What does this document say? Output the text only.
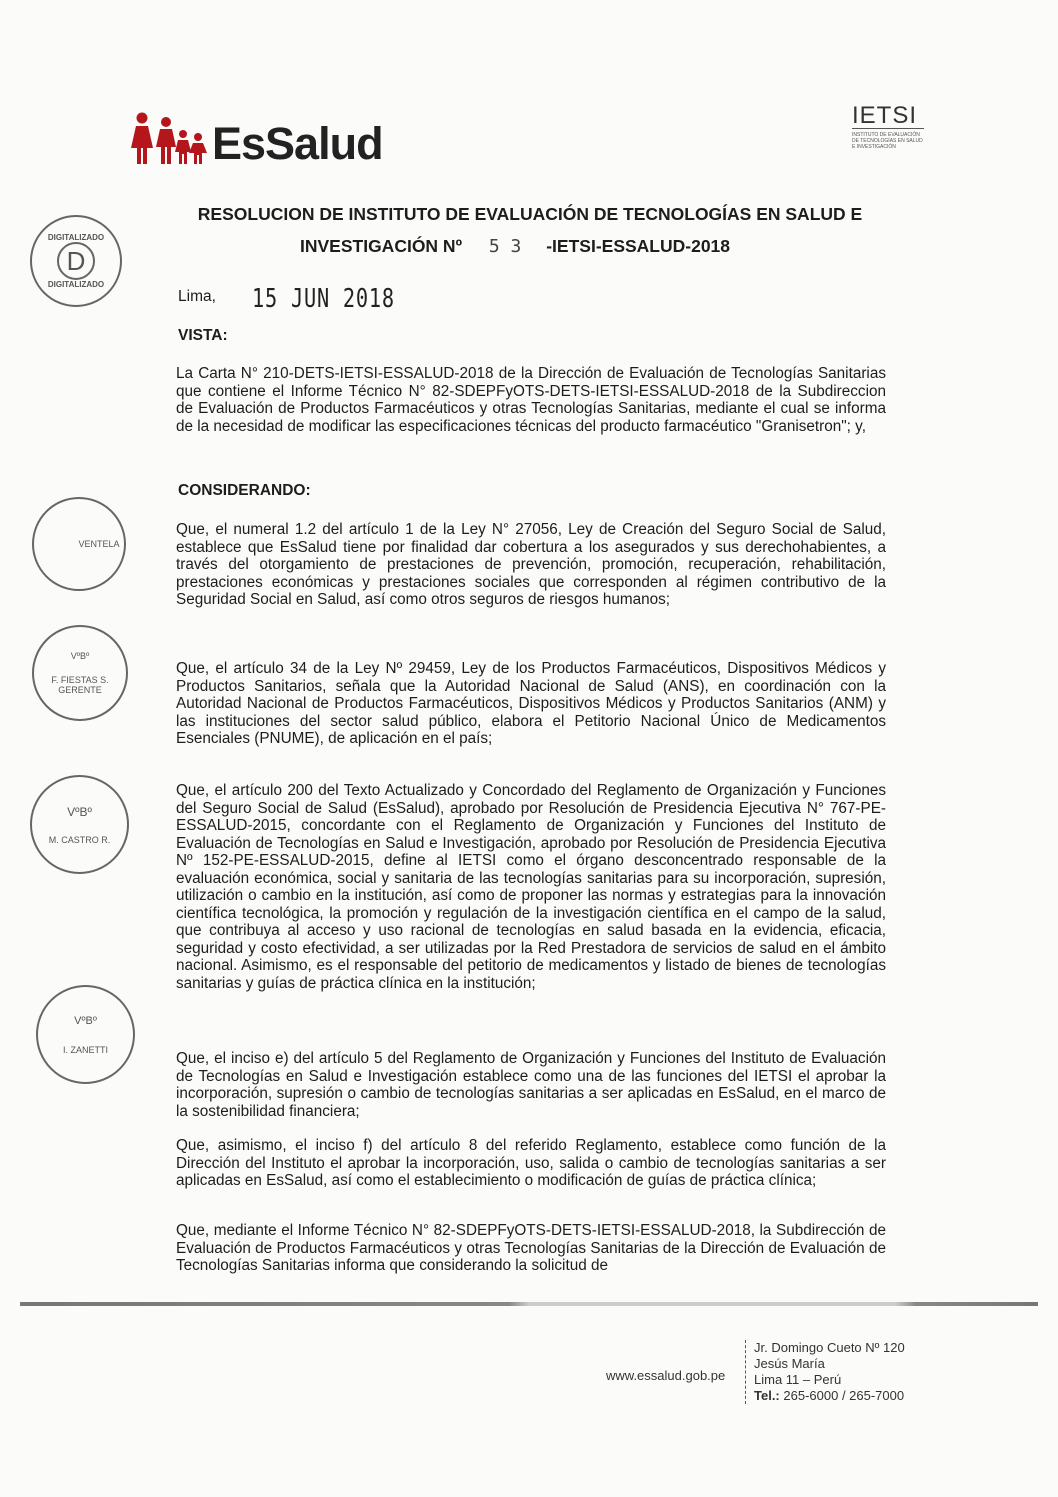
EsSalud
IETSI
INSTITUTO DE EVALUACIÓN DE TECNOLOGÍAS EN SALUD E INVESTIGACIÓN
RESOLUCION DE INSTITUTO DE EVALUACIÓN DE TECNOLOGÍAS EN SALUD E
INVESTIGACIÓN Nº 5 3 -IETSI-ESSALUD-2018
Lima, 15 JUN 2018
VISTA:
La Carta N° 210-DETS-IETSI-ESSALUD-2018 de la Dirección de Evaluación de Tecnologías Sanitarias que contiene el Informe Técnico N° 82-SDEPFyOTS-DETS-IETSI-ESSALUD-2018 de la Subdireccion de Evaluación de Productos Farmacéuticos y otras Tecnologías Sanitarias, mediante el cual se informa de la necesidad de modificar las especificaciones técnicas del producto farmacéutico "Granisetron"; y,
CONSIDERANDO:
Que, el numeral 1.2 del artículo 1 de la Ley N° 27056, Ley de Creación del Seguro Social de Salud, establece que EsSalud tiene por finalidad dar cobertura a los asegurados y sus derechohabientes, a través del otorgamiento de prestaciones de prevención, promoción, recuperación, rehabilitación, prestaciones económicas y prestaciones sociales que corresponden al régimen contributivo de la Seguridad Social en Salud, así como otros seguros de riesgos humanos;
Que, el artículo 34 de la Ley Nº 29459, Ley de los Productos Farmacéuticos, Dispositivos Médicos y Productos Sanitarios, señala que la Autoridad Nacional de Salud (ANS), en coordinación con la Autoridad Nacional de Productos Farmacéuticos, Dispositivos Médicos y Productos Sanitarios (ANM) y las instituciones del sector salud público, elabora el Petitorio Nacional Único de Medicamentos Esenciales (PNUME), de aplicación en el país;
Que, el artículo 200 del Texto Actualizado y Concordado del Reglamento de Organización y Funciones del Seguro Social de Salud (EsSalud), aprobado por Resolución de Presidencia Ejecutiva N° 767-PE-ESSALUD-2015, concordante con el Reglamento de Organización y Funciones del Instituto de Evaluación de Tecnologías en Salud e Investigación, aprobado por Resolución de Presidencia Ejecutiva Nº 152-PE-ESSALUD-2015, define al IETSI como el órgano desconcentrado responsable de la evaluación económica, social y sanitaria de las tecnologías sanitarias para su incorporación, supresión, utilización o cambio en la institución, así como de proponer las normas y estrategias para la innovación científica tecnológica, la promoción y regulación de la investigación científica en el campo de la salud, que contribuya al acceso y uso racional de tecnologías en salud basada en la evidencia, eficacia, seguridad y costo efectividad, a ser utilizadas por la Red Prestadora de servicios de salud en el ámbito nacional. Asimismo, es el responsable del petitorio de medicamentos y listado de bienes de tecnologías sanitarias y guías de práctica clínica en la institución;
Que, el inciso e) del artículo 5 del Reglamento de Organización y Funciones del Instituto de Evaluación de Tecnologías en Salud e Investigación establece como una de las funciones del IETSI el aprobar la incorporación, supresión o cambio de tecnologías sanitarias a ser aplicadas en EsSalud, en el marco de la sostenibilidad financiera;
Que, asimismo, el inciso f) del artículo 8 del referido Reglamento, establece como función de la Dirección del Instituto el aprobar la incorporación, uso, salida o cambio de tecnologías sanitarias a ser aplicadas en EsSalud, así como el establecimiento o modificación de guías de práctica clínica;
Que, mediante el Informe Técnico N° 82-SDEPFyOTS-DETS-IETSI-ESSALUD-2018, la Subdirección de Evaluación de Productos Farmacéuticos y otras Tecnologías Sanitarias de la Dirección de Evaluación de Tecnologías Sanitarias informa que considerando la solicitud de
DIGITALIZADO
D
DIGITALIZADO
VENTELA
VºBº
F. FIESTAS S.
GERENTE
VºBº
M. CASTRO R.
VºBº
I. ZANETTI
www.essalud.gob.pe
Jr. Domingo Cueto Nº 120
Jesús María
Lima 11 – Perú
Tel.: 265-6000 / 265-7000
